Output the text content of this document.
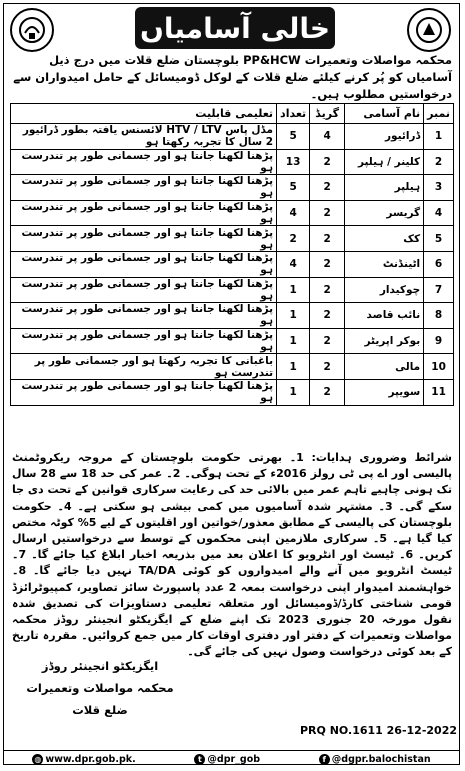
خالی آسامیاں
محکمہ مواصلات وتعمیرات PP&HCW بلوچستان ضلع قلات میں درج ذیل آسامیاں کو پُر کرنے کیلئے ضلع قلات کے لوکل ڈومیسائل کے حامل امیدواران سے درخواستیں مطلوب ہیں۔
نمبر	نام آسامی	گریڈ	تعداد	تعلیمی قابلیت
1	ڈرائیور	4	5	مڈل پاس HTV / LTV لائسنس یافتہ بطور ڈرائیور 2 سال کا تجربہ رکھتا ہو
2	کلینر / ہیلپر	2	13	پڑھنا لکھنا جانتا ہو اور جسمانی طور پر تندرست ہو
3	ہیلپر	2	5	پڑھنا لکھنا جانتا ہو اور جسمانی طور پر تندرست ہو
4	گریسر	2	4	پڑھنا لکھنا جانتا ہو اور جسمانی طور پر تندرست ہو
5	کک	2	2	پڑھنا لکھنا جانتا ہو اور جسمانی طور پر تندرست ہو
6	اٹینڈنٹ	2	4	پڑھنا لکھنا جانتا ہو اور جسمانی طور پر تندرست ہو
7	چوکیدار	2	1	پڑھنا لکھنا جانتا ہو اور جسمانی طور پر تندرست ہو
8	نائب قاصد	2	1	پڑھنا لکھنا جانتا ہو اور جسمانی طور پر تندرست ہو
9	بوکر اپریٹر	2	1	پڑھنا لکھنا جانتا ہو اور جسمانی طور پر تندرست ہو
10	مالی	2	1	باغبانی کا تجربہ رکھتا ہو اور جسمانی طور پر تندرست ہو
11	سویپر	2	1	پڑھنا لکھنا جانتا ہو اور جسمانی طور پر تندرست ہو
شرائط وضروری ہدایات: 1۔ بھرتی حکومت بلوچستان کے مروجہ ریکروٹمنٹ پالیسی اور اے پی ٹی رولز 2016ء کے تحت ہوگی۔ 2۔ عمر کی حد 18 سے 28 سال تک ہونی چاہیے تاہم عمر میں بالائی حد کی رعایت سرکاری قوانین کے تحت دی جا سکے گی۔ 3۔ مشتہر شدہ آسامیوں میں کمی بیشی ہو سکتی ہے۔ 4۔ حکومت بلوچستان کی پالیسی کے مطابق معذور/خواتین اور اقلیتوں کے لیے 5% کوٹہ مختص کیا گیا ہے۔ 5۔ سرکاری ملازمین اپنی محکموں کے توسط سے درخواستیں ارسال کریں۔ 6۔ ٹیسٹ اور انٹرویو کا اعلان بعد میں بذریعہ اخبار ابلاغ کیا جائے گا۔ 7۔ ٹیسٹ انٹرویو میں آنے والے امیدواروں کو کوئی TA/DA نہیں دیا جائے گا۔ 8۔ خواہشمند امیدوار اپنی درخواست بمعہ 2 عدد پاسپورٹ سائز تصاویر، کمپیوٹرائزڈ قومی شناختی کارڈ/ڈومیسائل اور متعلقہ تعلیمی دستاویزات کی تصدیق شدہ نقول مورخہ 20 جنوری 2023 تک اپنے ضلع کے ایگزیکٹو انجینئر روڈز محکمہ مواصلات وتعمیرات کے دفتر اور دفتری اوقات کار میں جمع کروائیں۔ مقررہ تاریخ کے بعد کوئی درخواست وصول نہیں کی جائے گی۔
ایگزیکٹو انجینئر روڈز
محکمہ مواصلات وتعمیرات ضلع قلات
PRQ NO.1611 26-12-2022
◍ www.dpr.gob.pk.	t @dpr_gob	f @dgpr.balochistan
